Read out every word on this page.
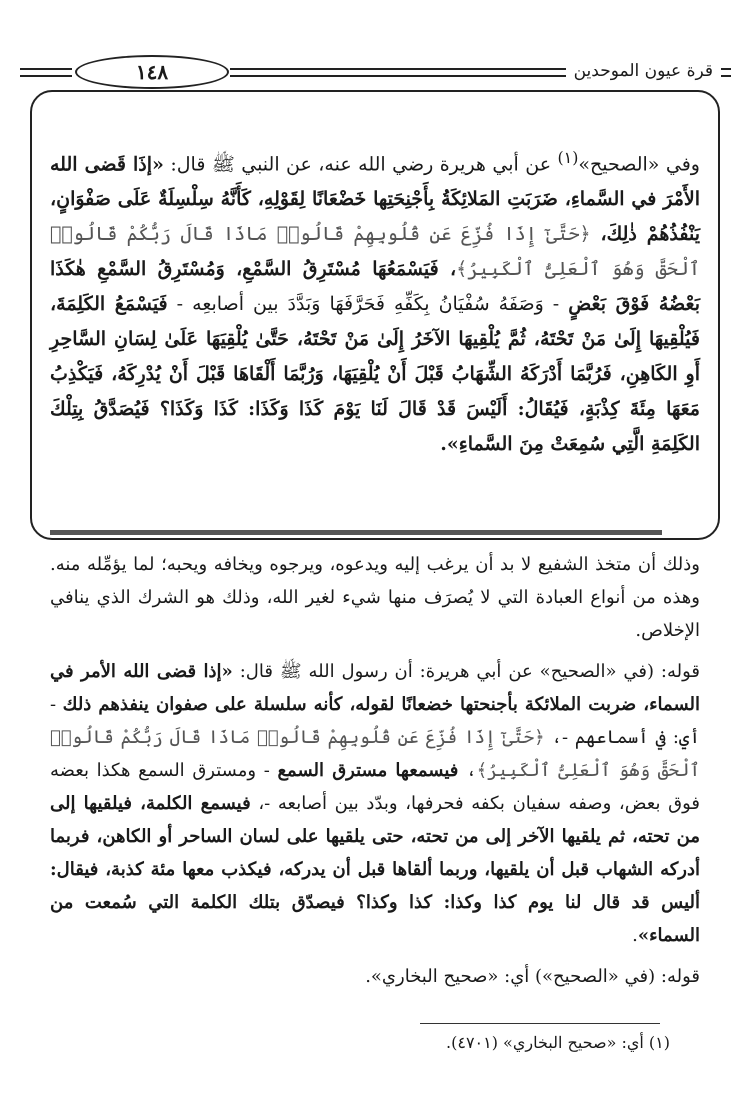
١٤٨	قرة عيون الموحدين
وفي «الصحيح»$^{(١)}$ عن أبي هريرة رضي الله عنه، عن النبي ﷺ قال: «إذَا قَضى الله الأَمْرَ في السَّماءِ، ضَرَبَتِ المَلائِكَةُ بِأَجْنِحَتِها خَضْعَانًا لِقَوْلِهِ، كَأَنَّهُ سِلْسِلَةٌ عَلَى صَفْوَانٍ، يَنْفُذُهُمْ ذٰلِكَ، ﴿حَتَّىٰٓ إِذَا فُزِّعَ عَن قُلُوبِهِمْ قَالُوا۟ مَاذَا قَالَ رَبُّكُمْ قَالُوا۟ ٱلْحَقَّ وَهُوَ ٱلْعَلِىُّ ٱلْكَبِيرُ﴾، فَيَسْمَعُهَا مُسْتَرِقُ السَّمْعِ، وَمُسْتَرِقُ السَّمْعِ هٰكَذَا بَعْضُهُ فَوْقَ بَعْضٍ - وَصَفَهُ سُفْيَانُ بِكَفِّهِ فَحَرَّفَهَا وَبَدَّدَ بين أصابعِه - فَيَسْمَعُ الكَلِمَةَ، فَيُلْقِيهَا إِلَىٰ مَنْ تَحْتَهُ، ثُمَّ يُلْقِيهَا الآخَرُ إِلَىٰ مَنْ تَحْتَهُ، حَتَّىٰ يُلْقِيَهَا عَلَىٰ لِسَانِ السَّاحِرِ أَوِ الكَاهِنِ، فَرُبَّمَا أَدْرَكَهُ الشِّهَابُ قَبْلَ أَنْ يُلْقِيَهَا، وَرُبَّمَا أَلْقَاهَا قَبْلَ أَنْ يُدْرِكَهُ، فَيَكْذِبُ مَعَهَا مِئَةَ كِذْبَةٍ، فَيُقَالُ: أَلَيْسَ قَدْ قَالَ لَنَا يَوْمَ كَذَا وَكَذَا: كَذَا وَكَذَا؟ فَيُصَدَّقُ بِتِلْكَ الكَلِمَةِ الَّتِي سُمِعَتْ مِنَ السَّماءِ».

وذلك أن متخذ الشفيع لا بد أن يرغب إليه ويدعوه، ويرجوه ويخافه ويحبه؛ لما يؤمِّله منه. وهذه من أنواع العبادة التي لا يُصرَف منها شيء لغير الله، وذلك هو الشرك الذي ينافي الإخلاص.

قوله: (في «الصحيح» عن أبي هريرة: أن رسول الله ﷺ قال: «إذا قضى الله الأمر في السماء، ضربت الملائكة بأجنحتها خضعانًا لقوله، كأنه سلسلة على صفوان ينفذهم ذلك - أي: في أسماعهم -، ﴿حَتَّىٰٓ إِذَا فُزِّعَ عَن قُلُوبِهِمْ قَالُوا۟ مَاذَا قَالَ رَبُّكُمْ قَالُوا۟ ٱلْحَقَّ وَهُوَ ٱلْعَلِىُّ ٱلْكَبِيرُ﴾، فيسمعها مسترق السمع - ومسترق السمع هكذا بعضه فوق بعض، وصفه سفيان بكفه فحرفها، وبدّد بين أصابعه -، فيسمع الكلمة، فيلقيها إلى من تحته، ثم يلقيها الآخر إلى من تحته، حتى يلقيها على لسان الساحر أو الكاهن، فربما أدركه الشهاب قبل أن يلقيها، وربما ألقاها قبل أن يدركه، فيكذب معها مئة كذبة، فيقال: أليس قد قال لنا يوم كذا وكذا: كذا وكذا؟ فيصدّق بتلك الكلمة التي سُمعت من السماء».

قوله: (في «الصحيح») أي: «صحيح البخاري».

(١) أي: «صحيح البخاري» (٤٧٠١).
